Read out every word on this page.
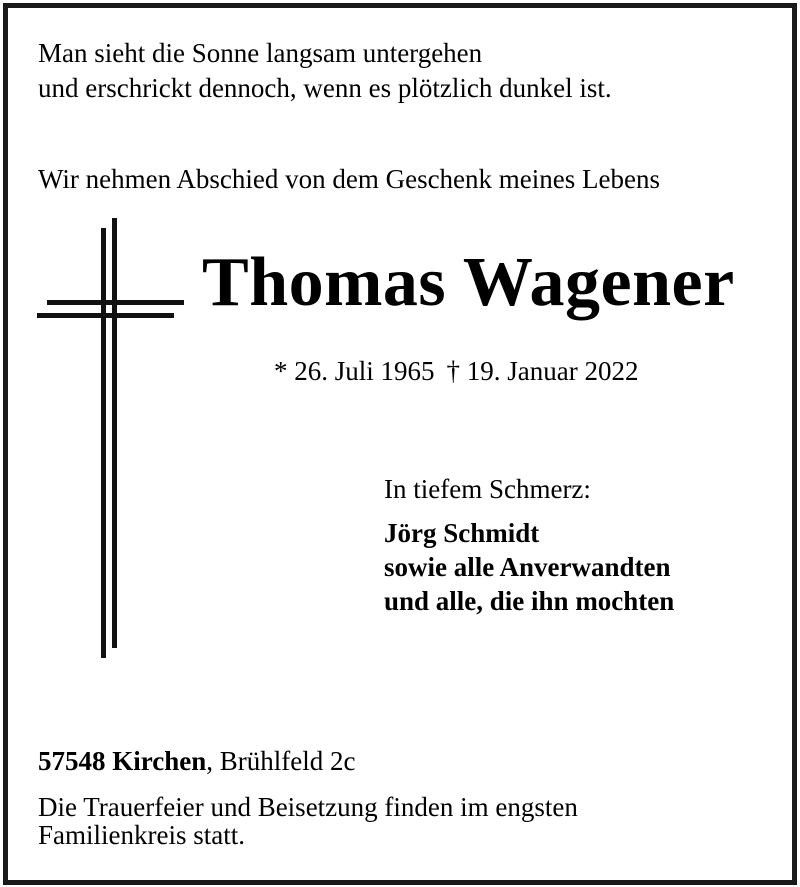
Man sieht die Sonne langsam untergehen
und erschrickt dennoch, wenn es plötzlich dunkel ist.
Wir nehmen Abschied von dem Geschenk meines Lebens
Thomas Wagener
* 26. Juli 1965 † 19. Januar 2022
In tiefem Schmerz:
Jörg Schmidt
sowie alle Anverwandten
und alle, die ihn mochten
57548 Kirchen, Brühlfeld 2c
Die Trauerfeier und Beisetzung finden im engsten
Familienkreis statt.
